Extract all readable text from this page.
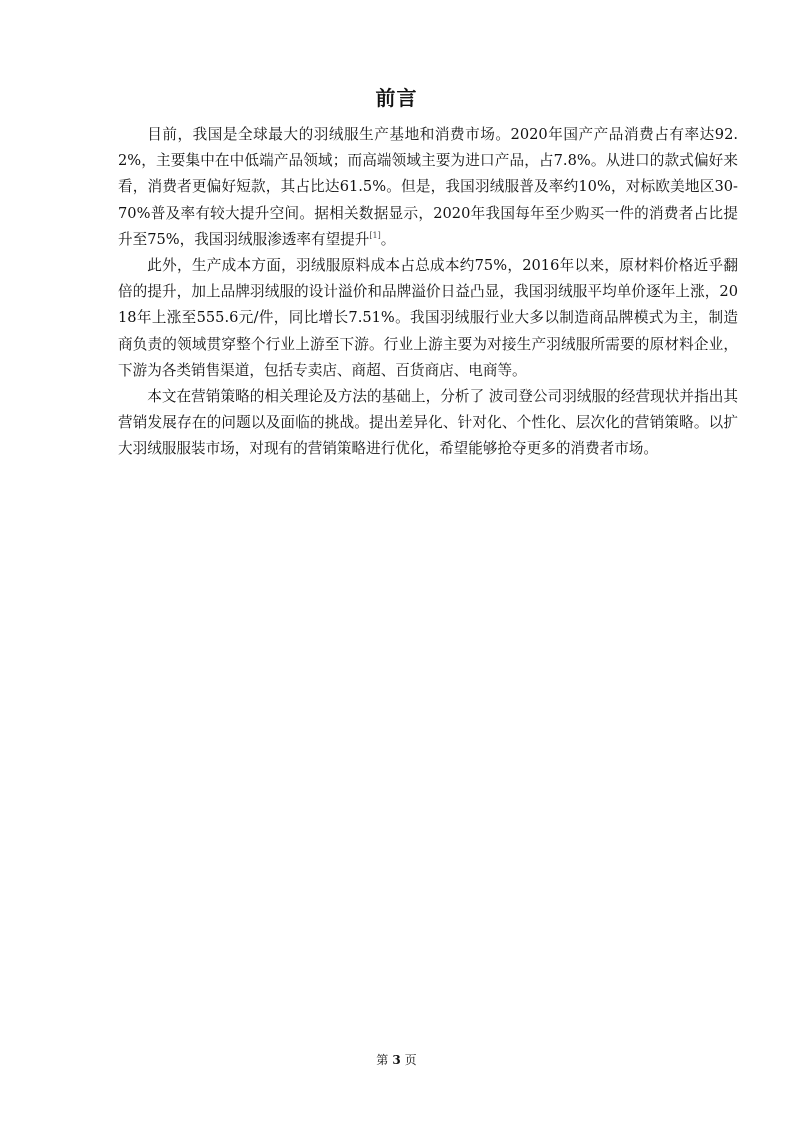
前言

目前，我国是全球最大的羽绒服生产基地和消费市场。2020年国产产品消费占有率达92.2%，主要集中在中低端产品领域；而高端领域主要为进口产品，占7.8%。从进口的款式偏好来看，消费者更偏好短款，其占比达61.5%。但是，我国羽绒服普及率约10%，对标欧美地区30-70%普及率有较大提升空间。据相关数据显示，2020年我国每年至少购买一件的消费者占比提升至75%，我国羽绒服渗透率有望提升[1]。

此外，生产成本方面，羽绒服原料成本占总成本约75%，2016年以来，原材料价格近乎翻倍的提升，加上品牌羽绒服的设计溢价和品牌溢价日益凸显，我国羽绒服平均单价逐年上涨，2018年上涨至555.6元/件，同比增长7.51%。我国羽绒服行业大多以制造商品牌模式为主，制造商负责的领域贯穿整个行业上游至下游。行业上游主要为对接生产羽绒服所需要的原材料企业，下游为各类销售渠道，包括专卖店、商超、百货商店、电商等。

本文在营销策略的相关理论及方法的基础上，分析了 波司登公司羽绒服的经营现状并指出其营销发展存在的问题以及面临的挑战。提出差异化、针对化、个性化、层次化的营销策略。以扩大羽绒服服装市场，对现有的营销策略进行优化，希望能够抢夺更多的消费者市场。

第 3 页
